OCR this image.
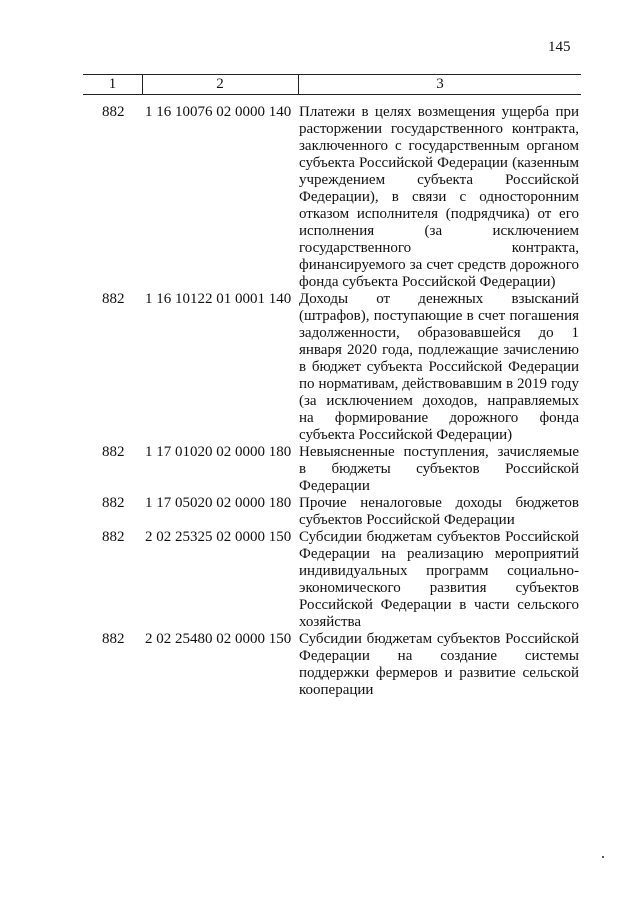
145
1	2	3
882	1 16 10076 02 0000 140 Платежи в целях возмещения ущерба при расторжении государственного контракта, заключенного с государственным органом субъекта Российской Федерации (казенным учреждением субъекта Российской Федерации), в связи с односторонним отказом исполнителя (подрядчика) от его исполнения (за исключением государственного контракта, финансируемого за счет средств дорожного фонда субъекта Российской Федерации)
882	1 16 10122 01 0001 140 Доходы от денежных взысканий (штрафов), поступающие в счет погашения задолженности, образовавшейся до 1 января 2020 года, подлежащие зачислению в бюджет субъекта Российской Федерации по нормативам, действовавшим в 2019 году (за исключением доходов, направляемых на формирование дорожного фонда субъекта Российской Федерации)
882	1 17 01020 02 0000 180 Невыясненные поступления, зачисляемые в бюджеты субъектов Российской Федерации
882	1 17 05020 02 0000 180 Прочие неналоговые доходы бюджетов субъектов Российской Федерации
882	2 02 25325 02 0000 150 Субсидии бюджетам субъектов Российской Федерации на реализацию мероприятий индивидуальных программ социально-экономического развития субъектов Российской Федерации в части сельского хозяйства
882	2 02 25480 02 0000 150 Субсидии бюджетам субъектов Российской Федерации на создание системы поддержки фермеров и развитие сельской кооперации
